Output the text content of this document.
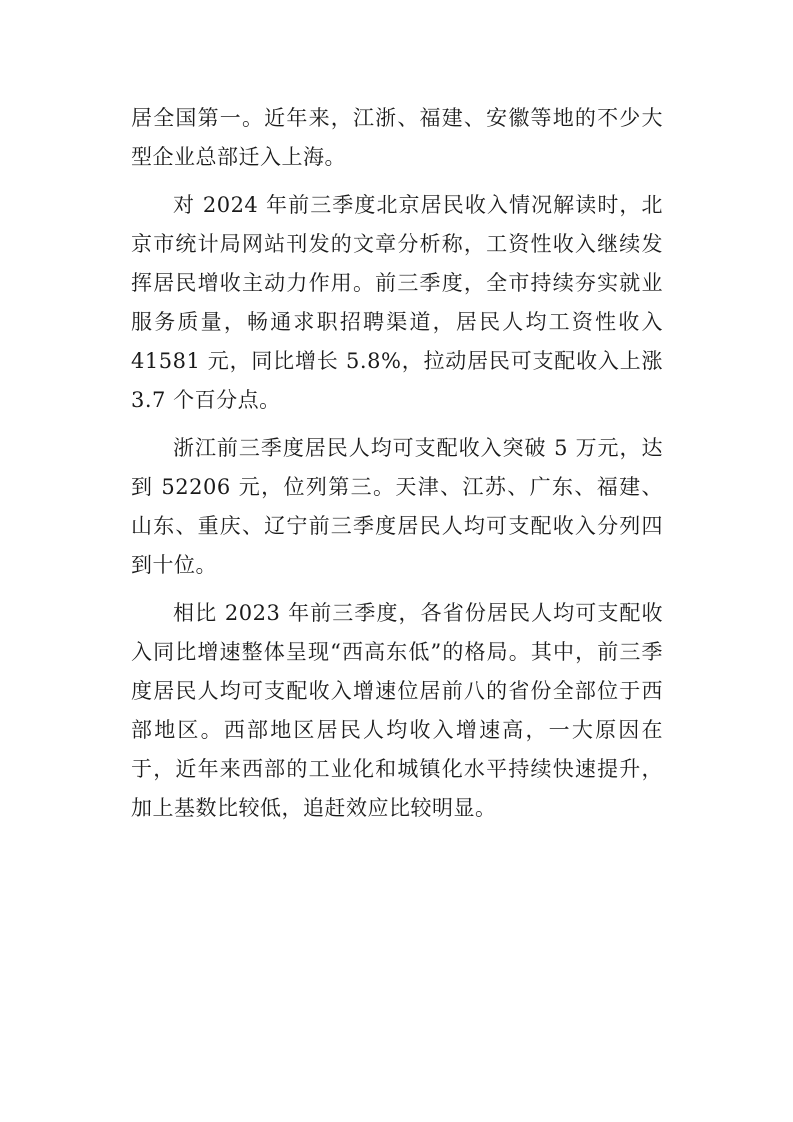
居全国第一。近年来，江浙、福建、安徽等地的不少大型企业总部迁入上海。

对 2024 年前三季度北京居民收入情况解读时，北京市统计局网站刊发的文章分析称，工资性收入继续发挥居民增收主动力作用。前三季度，全市持续夯实就业服务质量，畅通求职招聘渠道，居民人均工资性收入 41581 元，同比增长 5.8%，拉动居民可支配收入上涨 3.7 个百分点。

浙江前三季度居民人均可支配收入突破 5 万元，达到 52206 元，位列第三。天津、江苏、广东、福建、山东、重庆、辽宁前三季度居民人均可支配收入分列四到十位。

相比 2023 年前三季度，各省份居民人均可支配收入同比增速整体呈现“西高东低”的格局。其中，前三季度居民人均可支配收入增速位居前八的省份全部位于西部地区。西部地区居民人均收入增速高，一大原因在于，近年来西部的工业化和城镇化水平持续快速提升，加上基数比较低，追赶效应比较明显。
